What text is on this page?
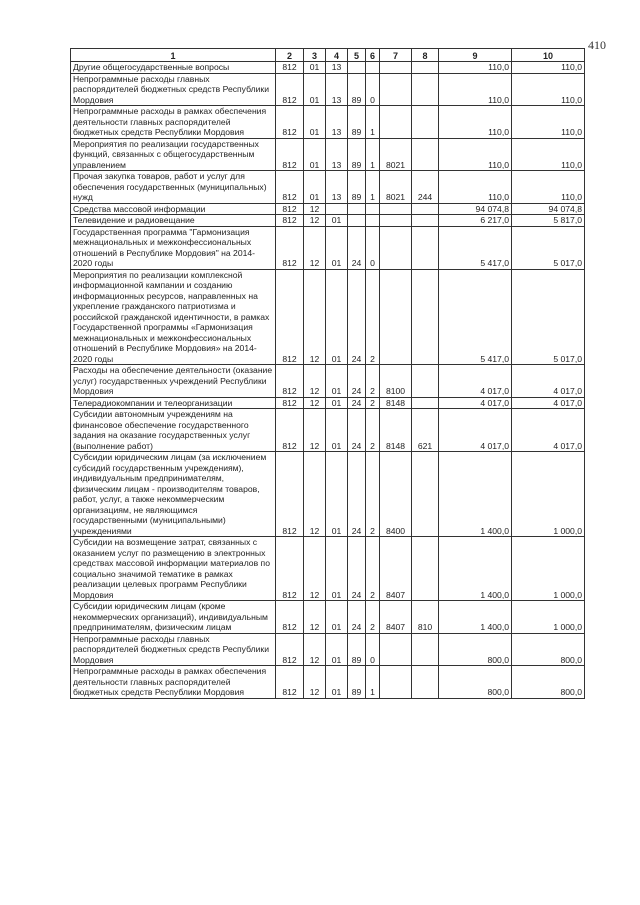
410
1	2	3	4	5	6	7	8	9	10
Другие общегосударственные вопросы	812	01	13					110,0	110,0
Непрограммные расходы главных распорядителей бюджетных средств Республики Мордовия	812	01	13	89	0			110,0	110,0
Непрограммные расходы в рамках обеспечения деятельности главных распорядителей бюджетных средств Республики Мордовия	812	01	13	89	1			110,0	110,0
Мероприятия по реализации государственных функций, связанных с общегосударственным управлением	812	01	13	89	1	8021		110,0	110,0
Прочая закупка товаров, работ и услуг для обеспечения государственных (муниципальных) нужд	812	01	13	89	1	8021	244	110,0	110,0
Средства массовой информации	812	12						94 074,8	94 074,8
Телевидение и радиовещание	812	12	01					6 217,0	5 817,0
Государственная программа "Гармонизация межнациональных и межконфессиональных отношений в Республике Мордовия" на 2014-2020 годы	812	12	01	24	0			5 417,0	5 017,0
Мероприятия по реализации комплексной информационной кампании и созданию информационных ресурсов, направленных на укрепление гражданского патриотизма и российской гражданской идентичности, в рамках Государственной программы «Гармонизация межнациональных и межконфессиональных отношений в Республике Мордовия» на 2014-2020 годы	812	12	01	24	2			5 417,0	5 017,0
Расходы на обеспечение деятельности (оказание услуг) государственных учреждений Республики Мордовия	812	12	01	24	2	8100		4 017,0	4 017,0
Телерадиокомпании и телеорганизации	812	12	01	24	2	8148		4 017,0	4 017,0
Субсидии автономным учреждениям на финансовое обеспечение государственного задания на оказание государственных услуг (выполнение работ)	812	12	01	24	2	8148	621	4 017,0	4 017,0
Субсидии юридическим лицам (за исключением субсидий государственным учреждениям), индивидуальным предпринимателям, физическим лицам - производителям товаров, работ, услуг, а также некоммерческим организациям, не являющимся государственными (муниципальными) учреждениями	812	12	01	24	2	8400		1 400,0	1 000,0
Субсидии на возмещение затрат, связанных с оказанием услуг по размещению в электронных средствах массовой информации материалов по социально значимой тематике в рамках реализации целевых программ Республики Мордовия	812	12	01	24	2	8407		1 400,0	1 000,0
Субсидии юридическим лицам (кроме некоммерческих организаций), индивидуальным предпринимателям, физическим лицам	812	12	01	24	2	8407	810	1 400,0	1 000,0
Непрограммные расходы главных распорядителей бюджетных средств Республики Мордовия	812	12	01	89	0			800,0	800,0
Непрограммные расходы в рамках обеспечения деятельности главных распорядителей бюджетных средств Республики Мордовия	812	12	01	89	1			800,0	800,0
